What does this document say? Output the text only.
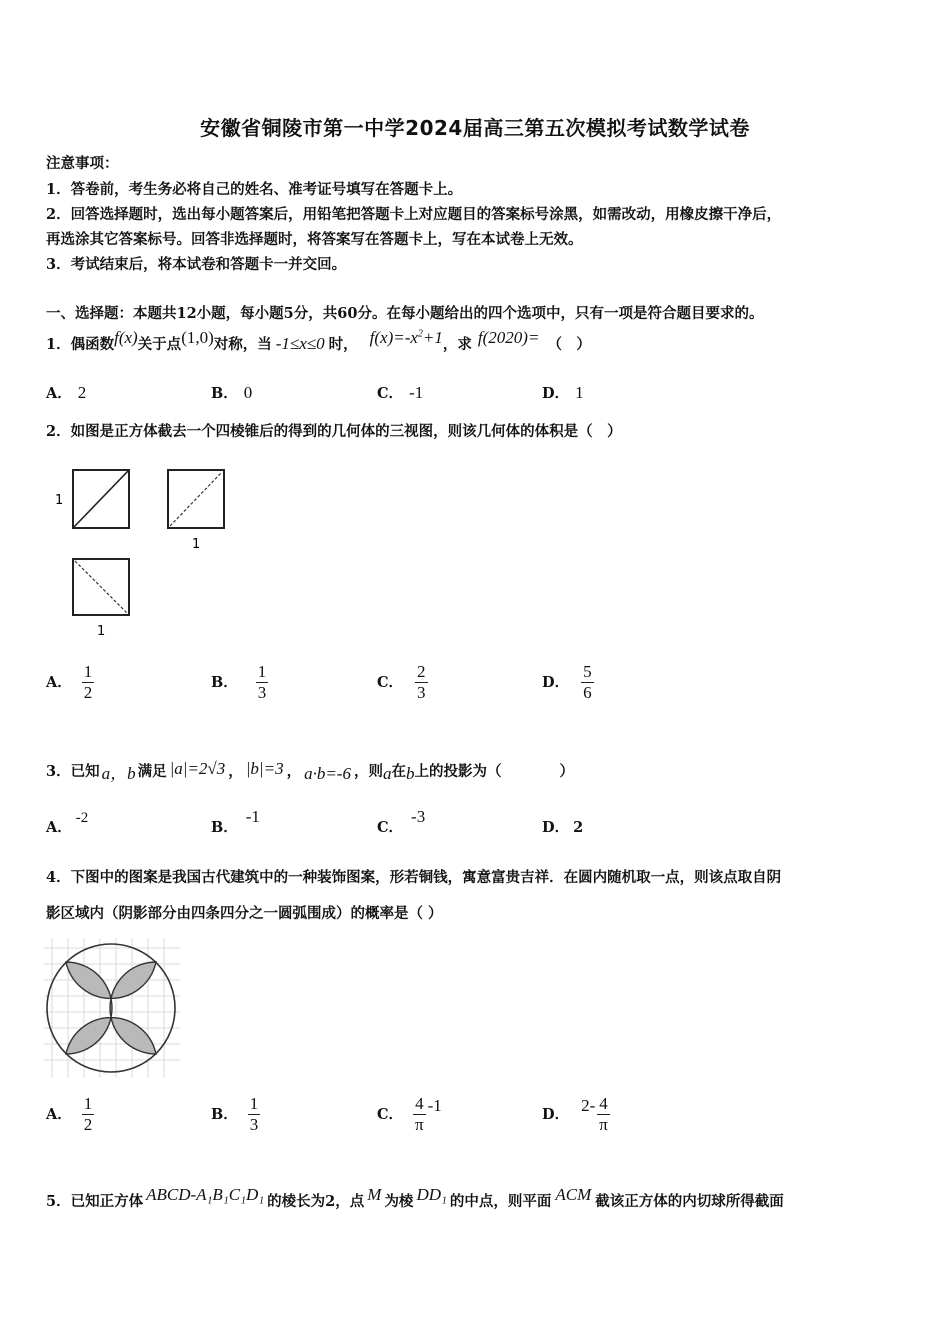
安徽省铜陵市第一中学2024届高三第五次模拟考试数学试卷
注意事项：
1．答卷前，考生务必将自己的姓名、准考证号填写在答题卡上。
2．回答选择题时，选出每小题答案后，用铅笔把答题卡上对应题目的答案标号涂黑，如需改动，用橡皮擦干净后，
再选涂其它答案标号。回答非选择题时，将答案写在答题卡上，写在本试卷上无效。
3．考试结束后，将本试卷和答题卡一并交回。
一、选择题：本题共12小题，每小题5分，共60分。在每小题给出的四个选项中，只有一项是符合题目要求的。
1．偶函数f(x)关于点(1,0)对称，当 -1≤x≤0 时， $f(x)=-x^2+1$，求 f(2020)= （　）
A． 2	B． 0	C． -1	D． 1
2．如图是正方体截去一个四棱锥后的得到的几何体的三视图，则该几何体的体积是（　）
1
1
1
A． $\frac{1}{2}$	B． $\frac{1}{3}$	C． $\frac{2}{3}$	D． $\frac{5}{6}$
3．已知 a，b 满足 |a|=2√3 ， |b|=3 ， a·b=-6 ，则a在b上的投影为（　　　　）
A．-2
B．-1
C．-3
D． 2
4．下图中的图案是我国古代建筑中的一种装饰图案，形若铜钱，寓意富贵吉祥．在圆内随机取一点，则该点取自阴
影区域内（阴影部分由四条四分之一圆弧围成）的概率是（ ）
A． $\frac{1}{2}$	B． $\frac{1}{3}$	C． $\frac{4}{\pi} -1$	D． $2- \frac{4}{\pi}$
5．已知正方体 ABCD-A₁B₁C₁D₁ 的棱长为2，点 M 为棱 DD₁ 的中点，则平面 ACM 截该正方体的内切球所得截面
